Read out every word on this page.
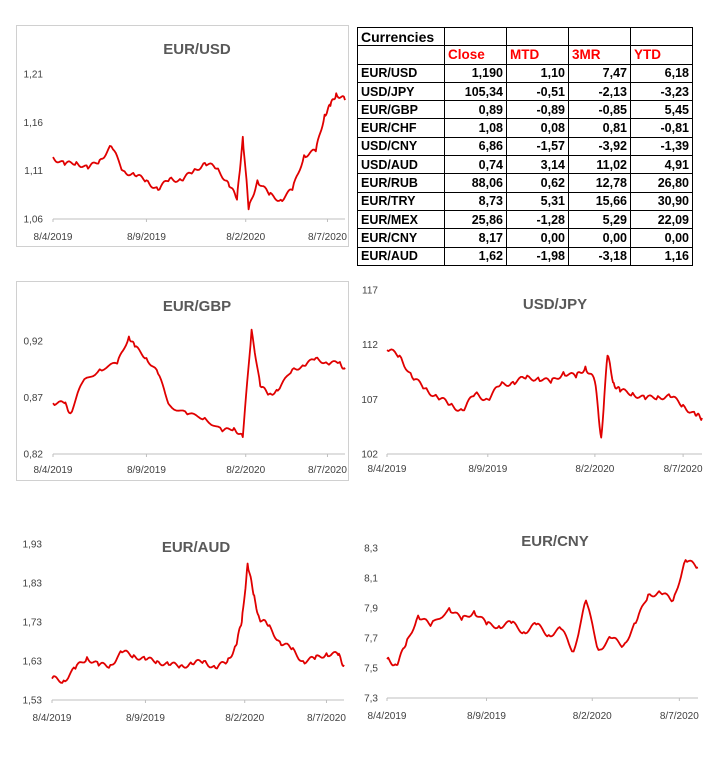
Currencies				
	Close	MTD	3MR	YTD
EUR/USD	1,190	1,10	7,47	6,18
USD/JPY	105,34	-0,51	-2,13	-3,23
EUR/GBP	0,89	-0,89	-0,85	5,45
EUR/CHF	1,08	0,08	0,81	-0,81
USD/CNY	6,86	-1,57	-3,92	-1,39
USD/AUD	0,74	3,14	11,02	4,91
EUR/RUB	88,06	0,62	12,78	26,80
EUR/TRY	8,73	5,31	15,66	30,90
EUR/MEX	25,86	-1,28	5,29	22,09
EUR/CNY	8,17	0,00	0,00	0,00
EUR/AUD	1,62	-1,98	-3,18	1,16
EUR/USD
1,21
1,16
1,11
1,06
8/4/2019	8/9/2019	8/2/2020	8/7/2020
EUR/GBP
0,92
0,87
0,82
8/4/2019	8/9/2019	8/2/2020	8/7/2020
USD/JPY
117
112
107
102
8/4/2019	8/9/2019	8/2/2020	8/7/2020
EUR/AUD
1,93
1,83
1,73
1,63
1,53
8/4/2019	8/9/2019	8/2/2020	8/7/2020
EUR/CNY
8,3
8,1
7,9
7,7
7,5
7,3
8/4/2019	8/9/2019	8/2/2020	8/7/2020
